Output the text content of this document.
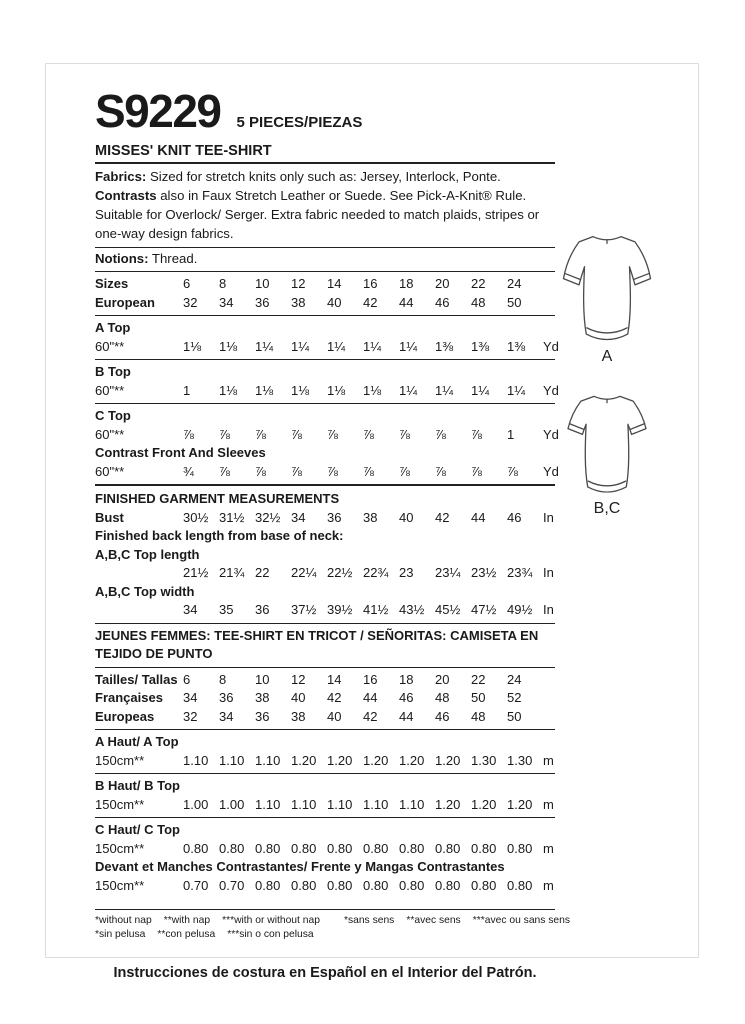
S9229 5 PIECES/PIEZAS
MISSES' KNIT TEE-SHIRT

Fabrics: Sized for stretch knits only such as: Jersey, Interlock, Ponte. Contrasts also in Faux Stretch Leather or Suede. See Pick-A-Knit® Rule. Suitable for Overlock/ Serger. Extra fabric needed to match plaids, stripes or one-way design fabrics.

Notions: Thread.

Sizes	6	8	10	12	14	16	18	20	22	24
European	32	34	36	38	40	42	44	46	48	50
A Top
60"**	1⅛	1⅛	1¼	1¼	1¼	1¼	1¼	1⅜	1⅜	1⅜	Yd
B Top
60"**	1	1⅛	1⅛	1⅛	1⅛	1⅛	1¼	1¼	1¼	1¼	Yd
C Top
60"**	⅞	⅞	⅞	⅞	⅞	⅞	⅞	⅞	⅞	1	Yd
Contrast Front And Sleeves
60"**	¾	⅞	⅞	⅞	⅞	⅞	⅞	⅞	⅞	⅞	Yd
FINISHED GARMENT MEASUREMENTS
Bust	30½ 31½ 32½ 34	36	38	40	42	44	46	In
Finished back length from base of neck:
A,B,C Top length
21½ 21¾ 22	22¼ 22½ 22¾ 23	23¼ 23½ 23¾ In
A,B,C Top width
34	35	36	37½ 39½ 41½ 43½ 45½ 47½ 49½ In
JEUNES FEMMES: TEE-SHIRT EN TRICOT / SEÑORITAS: CAMISETA EN TEJIDO DE PUNTO
Tailles/ Tallas 6	8	10	12	14	16	18	20	22	24
Françaises	34	36	38	40	42	44	46	48	50	52
Europeas	32	34	36	38	40	42	44	46	48	50
A Haut/ A Top
150cm**	1.10 1.10 1.10 1.20 1.20 1.20 1.20 1.20 1.30 1.30 m
B Haut/ B Top
150cm**	1.00 1.00 1.10 1.10 1.10 1.10 1.10 1.20 1.20 1.20 m
C Haut/ C Top
150cm**	0.80 0.80 0.80 0.80 0.80 0.80 0.80 0.80 0.80 0.80 m
Devant et Manches Contrastantes/ Frente y Mangas Contrastantes
150cm**	0.70 0.70 0.80 0.80 0.80 0.80 0.80 0.80 0.80 0.80 m
*without nap **with nap ***with or without nap
*sin pelusa **con pelusa ***sin o con pelusa
*sans sens **avec sens ***avec ou sans sens
Instrucciones de costura en Español en el Interior del Patrón.
A
B,C
